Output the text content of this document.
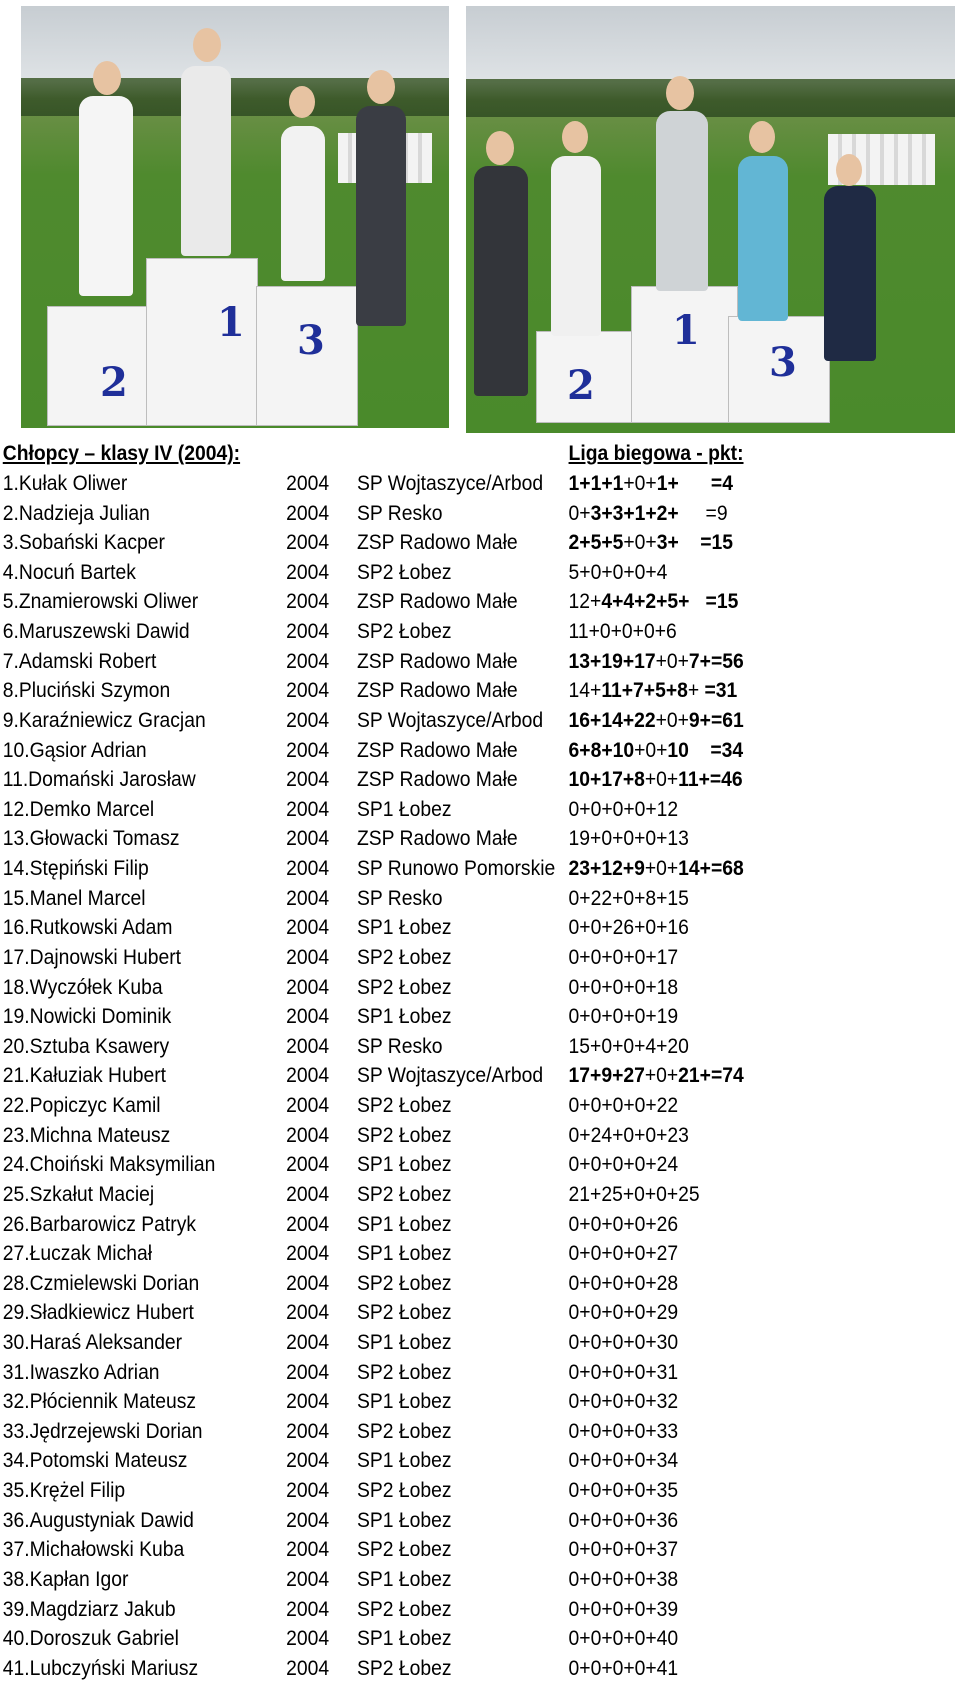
2
1 3
2
1
3
Chłopcy – klasy IV (2004):	Liga biegowa - pkt:
1.Kułak Oliwer	2004 SP Wojtaszyce/Arbod 1+1+1+0+1+      =4
2.Nadzieja Julian	2004 SP Resko	0+3+3+1+2+     =9
3.Sobański Kacper	2004 ZSP Radowo Małe 2+5+5+0+3+    =15
4.Nocuń Bartek	2004 SP2 Łobez	5+0+0+0+4
5.Znamierowski Oliwer	2004 ZSP Radowo Małe 12+4+4+2+5+   =15
6.Maruszewski Dawid	2004 SP2 Łobez	11+0+0+0+6
7.Adamski Robert	2004 ZSP Radowo Małe 13+19+17+0+7+=56
8.Pluciński Szymon	2004 ZSP Radowo Małe 14+11+7+5+8+ =31
9.Karaźniewicz Gracjan	2004 SP Wojtaszyce/Arbod 16+14+22+0+9+=61
10.Gąsior Adrian	2004 ZSP Radowo Małe 6+8+10+0+10    =34
11.Domański Jarosław	2004 ZSP Radowo Małe 10+17+8+0+11+=46
12.Demko Marcel	2004 SP1 Łobez	0+0+0+0+12
13.Głowacki Tomasz	2004 ZSP Radowo Małe 19+0+0+0+13
14.Stępiński Filip	2004 SP Runowo Pomorskie 23+12+9+0+14+=68
15.Manel Marcel	2004 SP Resko	0+22+0+8+15
16.Rutkowski Adam	2004 SP1 Łobez	0+0+26+0+16
17.Dajnowski Hubert	2004 SP2 Łobez	0+0+0+0+17
18.Wyczółek Kuba	2004 SP2 Łobez	0+0+0+0+18
19.Nowicki Dominik	2004 SP1 Łobez	0+0+0+0+19
20.Sztuba Ksawery	2004 SP Resko	15+0+0+4+20
21.Kałuziak Hubert	2004 SP Wojtaszyce/Arbod 17+9+27+0+21+=74
22.Popiczyc Kamil	2004 SP2 Łobez	0+0+0+0+22
23.Michna Mateusz	2004 SP2 Łobez	0+24+0+0+23
24.Choiński Maksymilian	2004 SP1 Łobez	0+0+0+0+24
25.Szkałut Maciej	2004 SP2 Łobez	21+25+0+0+25
26.Barbarowicz Patryk	2004 SP1 Łobez	0+0+0+0+26
27.Łuczak Michał	2004 SP1 Łobez	0+0+0+0+27
28.Czmielewski Dorian	2004 SP2 Łobez	0+0+0+0+28
29.Sładkiewicz Hubert	2004 SP2 Łobez	0+0+0+0+29
30.Haraś Aleksander	2004 SP1 Łobez	0+0+0+0+30
31.Iwaszko Adrian	2004 SP2 Łobez	0+0+0+0+31
32.Płóciennik Mateusz	2004 SP1 Łobez	0+0+0+0+32
33.Jędrzejewski Dorian	2004 SP2 Łobez	0+0+0+0+33
34.Potomski Mateusz	2004 SP1 Łobez	0+0+0+0+34
35.Krężel Filip	2004 SP2 Łobez	0+0+0+0+35
36.Augustyniak Dawid	2004 SP1 Łobez	0+0+0+0+36
37.Michałowski Kuba	2004 SP2 Łobez	0+0+0+0+37
38.Kapłan Igor	2004 SP1 Łobez	0+0+0+0+38
39.Magdziarz Jakub	2004 SP2 Łobez	0+0+0+0+39
40.Doroszuk Gabriel	2004 SP1 Łobez	0+0+0+0+40
41.Lubczyński Mariusz	2004 SP2 Łobez	0+0+0+0+41
